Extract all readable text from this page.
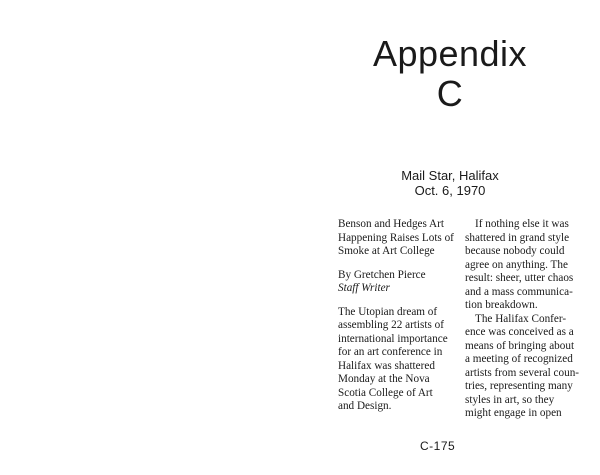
Appendix
C
Mail Star, Halifax
Oct. 6, 1970
Benson and Hedges Art
Happening Raises Lots of
Smoke at Art College
By Gretchen Pierce
Staff Writer
The Utopian dream of
assembling 22 artists of
international importance
for an art conference in
Halifax was shattered
Monday at the Nova
Scotia College of Art
and Design.
If nothing else it was
shattered in grand style
because nobody could
agree on anything. The
result: sheer, utter chaos
and a mass communica-
tion breakdown.
The Halifax Confer-
ence was conceived as a
means of bringing about
a meeting of recognized
artists from several coun-
tries, representing many
styles in art, so they
might engage in open
C-175
